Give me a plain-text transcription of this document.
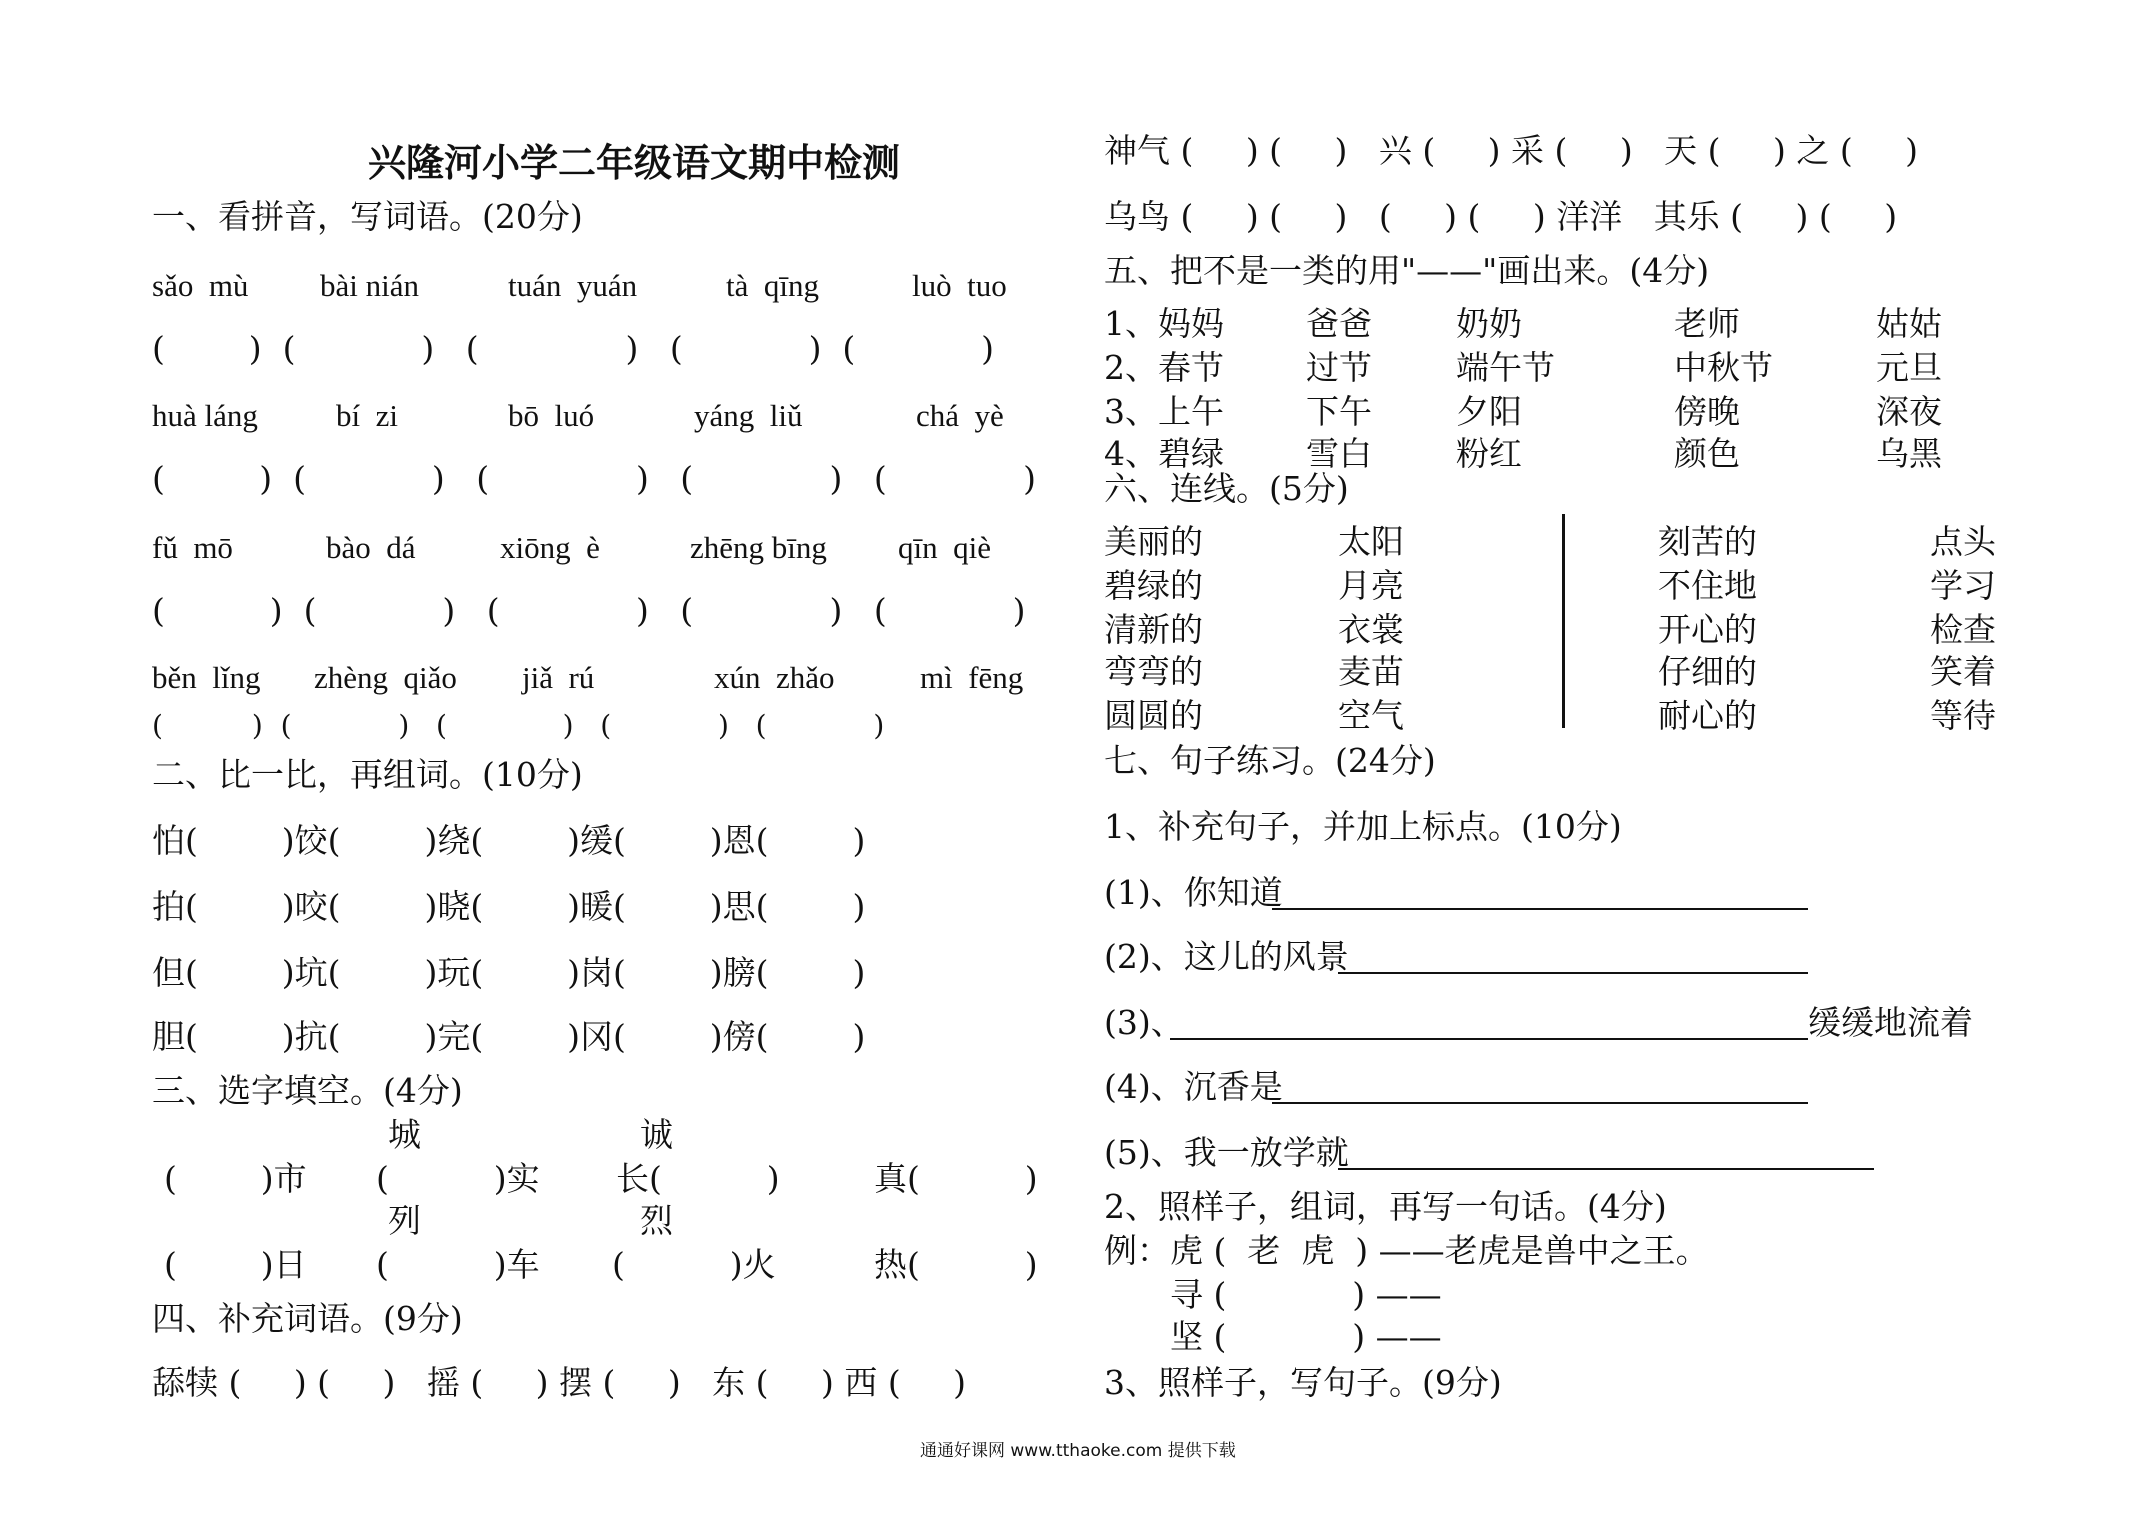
兴隆河小学二年级语文期中检测
一、看拼音，写词语。(20分)
sǎo  mù bài nián	tuán  yuán	tà  qīng	luò  tuo
(        )  (            )   (              )   (            )  (            )
huà láng	bí  zi	bō  luó	yáng  liǔ	chá  yè
(         )  (            )   (              )   (             )   (             )
fǔ  mō	bào  dá	xiōng  è	zhēng bīng qīn  qiè
(          )  (            )   (             )   (             )   (            )
běn  lǐng zhèng  qiǎo jiǎ  rú	xún  zhǎo	mì  fēng
(          )  (            )   (             )   (            )   (            )
二、比一比，再组词。(10分)
怕(        )饺(        )绕(        )缓(        )恩(        )
拍(        )咬(        )晓(        )暖(        )思(        )
但(        )坑(        )玩(        )岗(        )膀(        )
胆(        )抗(        )完(        )冈(        )傍(        )
三、选字填空。(4分)
城	诚
(        )市 (          )实 长(          )	真(          )
列	烈
(        )日 (          )车 (          )火	热(          )
四、补充词语。(9分)
舔犊 (     ) (     )   摇 (     ) 摆 (     )   东 (     ) 西 (     )
神气 (     ) (     )   兴 (     ) 采 (     )   天 (     ) 之 (     )
乌鸟 (     ) (     )   (     ) (     ) 洋洋   其乐 (     ) (     )
五、把不是一类的用"——"画出来。(4分)
1、妈妈 爸爸	奶奶	老师	姑姑
2、春节 过节	端午节	中秋节	元旦
3、上午 下午	夕阳	傍晚	深夜
4、碧绿 雪白	粉红	颜色	乌黑
六、连线。(5分)
美丽的	太阳	刻苦的	点头
碧绿的	月亮	不住地	学习
清新的	衣裳	开心的	检查
弯弯的	麦苗	仔细的	笑着
圆圆的	空气	耐心的	等待
七、句子练习。(24分)
1、补充句子，并加上标点。(10分)
(1)、你知道
(2)、这儿的风景
(3)、	缓缓地流着
(4)、沉香是
(5)、我一放学就
2、照样子，组词，再写一句话。(4分)
例：虎 (  老  虎  ) ——老虎是兽中之王。
寻 (            ) ——
坚 (            ) ——
3、照样子，写句子。(9分)
通通好课网 www.tthaoke.com 提供下载
